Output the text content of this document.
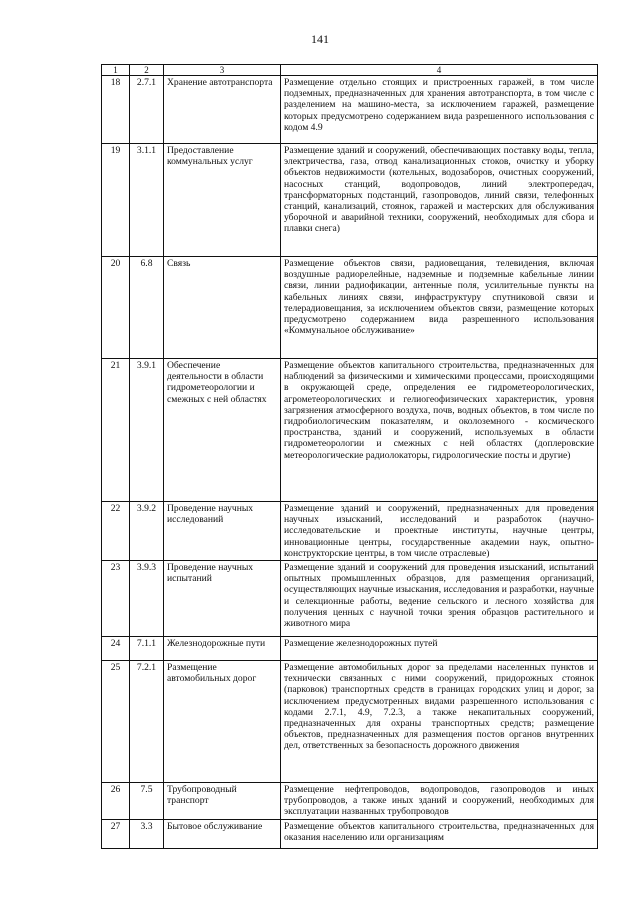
141
1	2	3	4
18	2.7.1	Хранение автотранспорта	Размещение отдельно стоящих и пристроенных гаражей, в том числе подземных, предназначенных для хранения автотранспорта, в том числе с разделением на машино-места, за исключением гаражей, размещение которых предусмотрено содержанием вида разрешенного использования с кодом 4.9
19	3.1.1	Предоставление коммунальных услуг	Размещение зданий и сооружений, обеспечивающих поставку воды, тепла, электричества, газа, отвод канализационных стоков, очистку и уборку объектов недвижимости (котельных, водозаборов, очистных сооружений, насосных станций, водопроводов, линий электропередач, трансформаторных подстанций, газопроводов, линий связи, телефонных станций, канализаций, стоянок, гаражей и мастерских для обслуживания уборочной и аварийной техники, сооружений, необходимых для сбора и плавки снега)
20	6.8	Связь	Размещение объектов связи, радиовещания, телевидения, включая воздушные радиорелейные, надземные и подземные кабельные линии связи, линии радиофикации, антенные поля, усилительные пункты на кабельных линиях связи, инфраструктуру спутниковой связи и телерадиовещания, за исключением объектов связи, размещение которых предусмотрено содержанием вида разрешенного использования «Коммунальное обслуживание»
21	3.9.1	Обеспечение деятельности в области гидрометеорологии и смежных с ней областях	Размещение объектов капитального строительства, предназначенных для наблюдений за физическими и химическими процессами, происходящими в окружающей среде, определения ее гидрометеорологических, агрометеорологических и гелиогеофизических характеристик, уровня загрязнения атмосферного воздуха, почв, водных объектов, в том числе по гидробиологическим показателям, и околоземного - космического пространства, зданий и сооружений, используемых в области гидрометеорологии и смежных с ней областях (доплеровские метеорологические радиолокаторы, гидрологические посты и другие)
22	3.9.2	Проведение научных исследований	Размещение зданий и сооружений, предназначенных для проведения научных изысканий, исследований и разработок (научно-исследовательские и проектные институты, научные центры, инновационные центры, государственные академии наук, опытно-конструкторские центры, в том числе отраслевые)
23	3.9.3	Проведение научных испытаний	Размещение зданий и сооружений для проведения изысканий, испытаний опытных промышленных образцов, для размещения организаций, осуществляющих научные изыскания, исследования и разработки, научные и селекционные работы, ведение сельского и лесного хозяйства для получения ценных с научной точки зрения образцов растительного и животного мира
24	7.1.1	Железнодорожные пути	Размещение железнодорожных путей
25	7.2.1	Размещение автомобильных дорог	Размещение автомобильных дорог за пределами населенных пунктов и технически связанных с ними сооружений, придорожных стоянок (парковок) транспортных средств в границах городских улиц и дорог, за исключением предусмотренных видами разрешенного использования с кодами 2.7.1, 4.9, 7.2.3, а также некапитальных сооружений, предназначенных для охраны транспортных средств; размещение объектов, предназначенных для размещения постов органов внутренних дел, ответственных за безопасность дорожного движения
26	7.5	Трубопроводный транспорт	Размещение нефтепроводов, водопроводов, газопроводов и иных трубопроводов, а также иных зданий и сооружений, необходимых для эксплуатации названных трубопроводов
27	3.3	Бытовое обслуживание	Размещение объектов капитального строительства, предназначенных для оказания населению или организациям
